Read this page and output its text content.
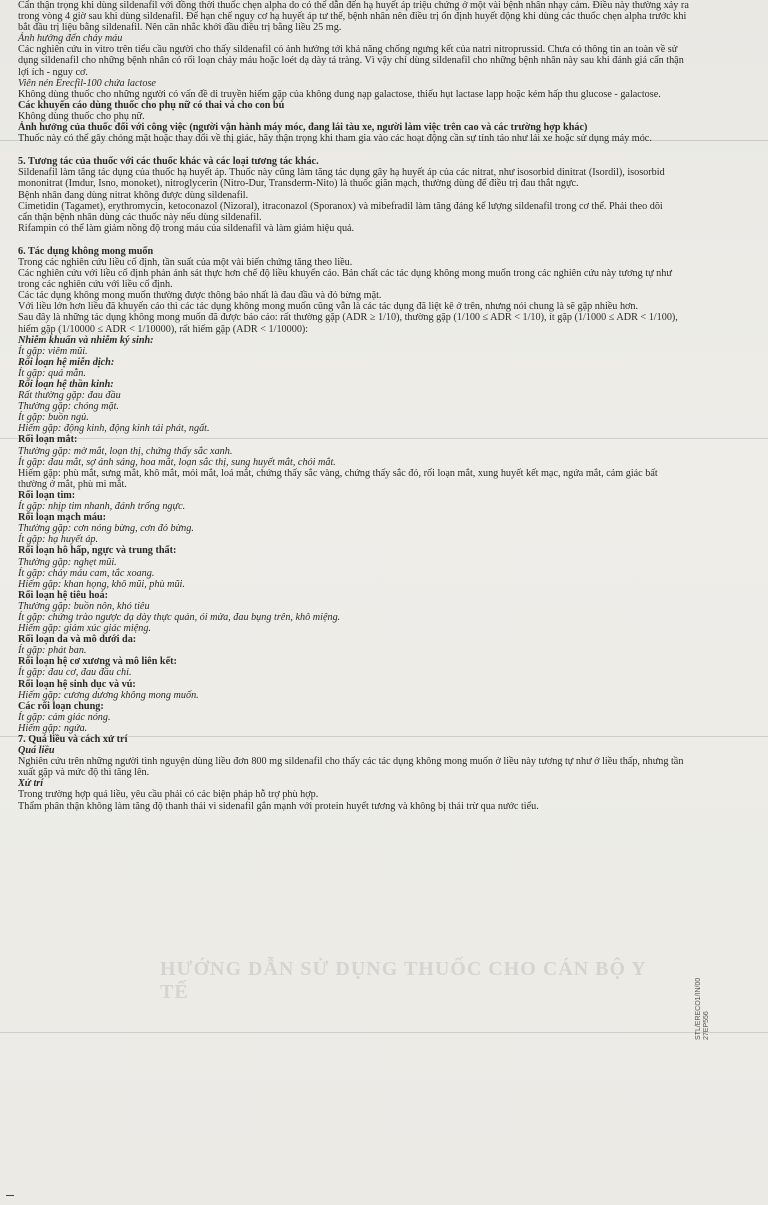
HƯỚNG DẪN SỬ DỤNG THUỐC CHO CÁN BỘ Y TẾ

Cẩn thận trọng khi dùng sildenafil với đồng thời thuốc chẹn alpha do có thể dẫn đến hạ huyết áp triệu chứng ở một vài bệnh nhân nhạy cảm. Điều này thường xảy ra

trong vòng 4 giờ sau khi dùng sildenafil. Để hạn chế nguy cơ hạ huyết áp tư thế, bệnh nhân nên điều trị ổn định huyết động khi dùng các thuốc chẹn alpha trước khi

bắt đầu trị liệu bằng sildenafil. Nên cân nhắc khởi đầu điều trị bằng liều 25 mg.

Ảnh hưởng đến chảy máu

Các nghiên cứu in vitro trên tiểu cầu người cho thấy sildenafil có ảnh hưởng tới khả năng chống ngưng kết của natri nitroprussid. Chưa có thông tin an toàn về sử

dụng sildenafil cho những bệnh nhân có rối loạn chảy máu hoặc loét dạ dày tá tràng. Vì vậy chỉ dùng sildenafil cho những bệnh nhân này sau khi đánh giá cẩn thận

lợi ích - nguy cơ.

Viên nén Erecfil-100 chứa lactose

Không dùng thuốc cho những người có vấn đề di truyền hiếm gặp của không dung nạp galactose, thiếu hụt lactase lapp hoặc kém hấp thu glucose - galactose.

Các khuyến cáo dùng thuốc cho phụ nữ có thai và cho con bú

Không dùng thuốc cho phụ nữ.

Ảnh hưởng của thuốc đối với công việc (người vận hành máy móc, đang lái tàu xe, người làm việc trên cao và các trường hợp khác)

Thuốc này có thể gây chóng mặt hoặc thay đổi về thị giác, hãy thận trọng khi tham gia vào các hoạt động cần sự tỉnh táo như lái xe hoặc sử dụng máy móc.

5. Tương tác của thuốc với các thuốc khác và các loại tương tác khác.

Sildenafil làm tăng tác dụng của thuốc hạ huyết áp. Thuốc này cũng làm tăng tác dụng gây hạ huyết áp của các nitrat, như isosorbid dinitrat (Isordil), isosorbid

mononitrat (Imdur, Isno, monoket), nitroglycerin (Nitro-Dur, Transderm-Nito) là thuốc giãn mạch, thường dùng để điều trị đau thắt ngực.

Bệnh nhân đang dùng nitrat không được dùng sildenafil.

Cimetidin (Tagamet), erythromycin, ketoconazol (Nizoral), itraconazol (Sporanox) và mibefradil làm tăng đáng kể lượng sildenafil trong cơ thể. Phải theo dõi

cẩn thận bệnh nhân dùng các thuốc này nếu dùng sildenafil.

Rifampin có thể làm giảm nồng độ trong máu của sildenafil và làm giảm hiệu quả.

6. Tác dụng không mong muốn

Trong các nghiên cứu liều cố định, tần suất của một vài biến chứng tăng theo liều.

Các nghiên cứu với liều cố định phản ánh sát thực hơn chế độ liều khuyến cáo. Bản chất các tác dụng không mong muốn trong các nghiên cứu này tương tự như

trong các nghiên cứu với liều cố định.

Các tác dụng không mong muốn thường được thông báo nhất là đau đầu và đỏ bừng mặt.

Với liều lớn hơn liều đã khuyến cáo thì các tác dụng không mong muốn cũng vẫn là các tác dụng đã liệt kê ở trên, nhưng nói chung là sẽ gặp nhiều hơn.

Sau đây là những tác dụng không mong muốn đã được báo cáo: rất thường gặp (ADR ≥ 1/10), thường gặp (1/100 ≤ ADR < 1/10), ít gặp (1/1000 ≤ ADR < 1/100),

hiếm gặp (1/10000 ≤ ADR < 1/10000), rất hiếm gặp (ADR < 1/10000):

Nhiễm khuẩn và nhiễm ký sinh:

Ít gặp: viêm mũi.

Rối loạn hệ miễn dịch:

Ít gặp: quá mẫn.

Rối loạn hệ thần kinh:

Rất thường gặp: đau đầu

Thường gặp: chóng mặt.

Ít gặp: buồn ngủ.

Hiếm gặp: động kinh, động kinh tái phát, ngất.

Rối loạn mắt:

Thường gặp: mờ mắt, loạn thị, chứng thấy sắc xanh.

Ít gặp: đau mắt, sợ ánh sáng, hoa mắt, loạn sắc thị, sung huyết mắt, chói mắt.

Hiếm gặp: phù mắt, sưng mắt, khô mắt, mỏi mắt, loá mắt, chứng thấy sắc vàng, chứng thấy sắc đỏ, rối loạn mắt, xung huyết kết mạc, ngứa mắt, cảm giác bất

thường ở mắt, phù mi mắt.

Rối loạn tim:

Ít gặp: nhịp tim nhanh, đánh trống ngực.

Rối loạn mạch máu:

Thường gặp: cơn nóng bừng, cơn đỏ bừng.

Ít gặp: hạ huyết áp.

Rối loạn hô hấp, ngực và trung thất:

Thường gặp: nghẹt mũi.

Ít gặp: chảy máu cam, tắc xoang.

Hiếm gặp: khan họng, khô mũi, phù mũi.

Rối loạn hệ tiêu hoá:

Thường gặp: buồn nôn, khó tiêu

Ít gặp: chứng trào ngược dạ dày thực quản, ói mửa, đau bụng trên, khô miệng.

Hiếm gặp: giảm xúc giác miệng.

Rối loạn da và mô dưới da:

Ít gặp: phát ban.

Rối loạn hệ cơ xương và mô liên kết:

Ít gặp: đau cơ, đau đầu chi.

Rối loạn hệ sinh dục và vú:

Hiếm gặp: cương dương không mong muốn.

Các rối loạn chung:

Ít gặp: cảm giác nóng.

Hiếm gặp: ngứa.

7. Quá liều và cách xử trí

Quá liều

Nghiên cứu trên những người tình nguyện dùng liều đơn 800 mg sildenafil cho thấy các tác dụng không mong muốn ở liều này tương tự như ở liều thấp, nhưng tần

xuất gặp và mức độ thì tăng lên.

Xử trí

Trong trường hợp quá liều, yêu cầu phải có các biện pháp hỗ trợ phù hợp.

Thẩm phân thận không làm tăng độ thanh thải vì sidenafil gắn mạnh với protein huyết tương và không bị thải trừ qua nước tiểu.

STL/ERECO1/IN/00 27EP556
